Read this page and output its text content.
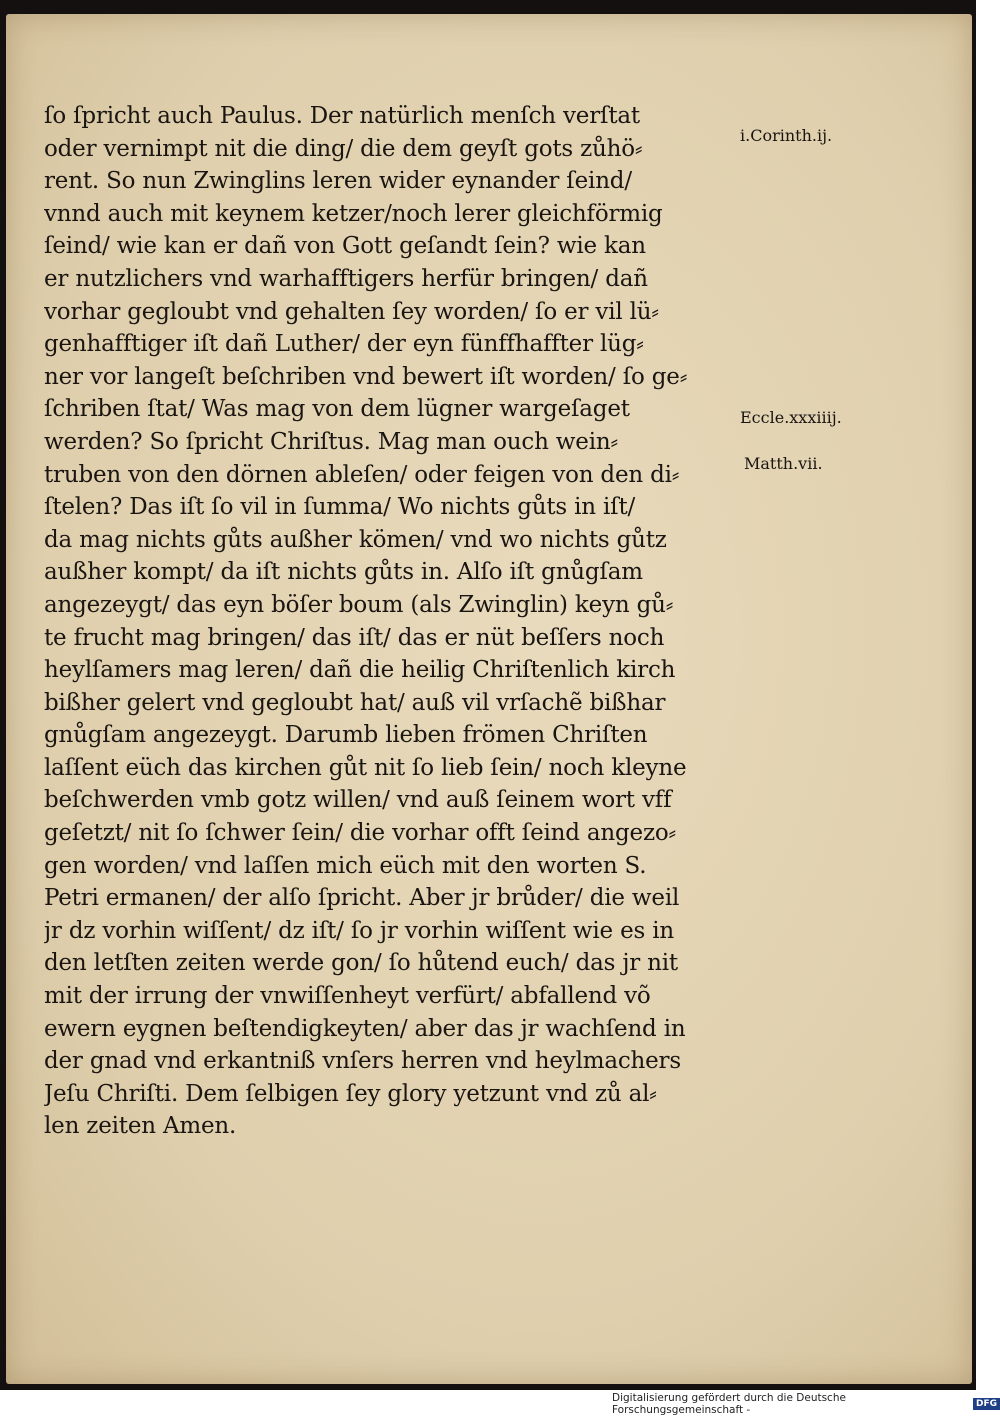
ſo ſpricht auch Paulus. Der natürlich menſch verſtat
oder vernimpt nit die ding/ die dem geyſt gots zůhö⸗
rent. So nun Zwinglins leren wider eynander ſeind/
vnnd auch mit keynem ketzer/noch lerer gleichförmig
ſeind/ wie kan er dañ von Gott geſandt ſein? wie kan
er nutzlichers vnd warhafftigers herfür bringen/ dañ
vorhar gegloubt vnd gehalten ſey worden/ ſo er vil lü⸗
genhafftiger iſt dañ Luther/ der eyn fünffhaffter lüg⸗
ner vor langeſt beſchriben vnd bewert iſt worden/ ſo ge⸗
ſchriben ſtat/ Was mag von dem lügner wargeſaget
werden? So ſpricht Chriſtus. Mag man ouch wein⸗
truben von den dörnen ableſen/ oder feigen von den di⸗
ſtelen? Das iſt ſo vil in ſumma/ Wo nichts gůts in iſt/
da mag nichts gůts außher kömen/ vnd wo nichts gůtz
außher kompt/ da iſt nichts gůts in. Alſo iſt gnůgſam
angezeygt/ das eyn böſer boum (als Zwinglin) keyn gů⸗
te frucht mag bringen/ das iſt/ das er nüt beſſers noch
heylſamers mag leren/ dañ die heilig Chriſtenlich kirch
bißher gelert vnd gegloubt hat/ auß vil vrſachẽ bißhar
gnůgſam angezeygt. Darumb lieben frömen Chriſten
laſſent eüch das kirchen gůt nit ſo lieb ſein/ noch kleyne
beſchwerden vmb gotz willen/ vnd auß ſeinem wort vff
geſetzt/ nit ſo ſchwer ſein/ die vorhar offt ſeind angezo⸗
gen worden/ vnd laſſen mich eüch mit den worten S.
Petri ermanen/ der alſo ſpricht. Aber jr brůder/ die weil
jr dz vorhin wiſſent/ dz iſt/ ſo jr vorhin wiſſent wie es in
den letſten zeiten werde gon/ ſo hůtend euch/ das jr nit
mit der irrung der vnwiſſenheyt verfürt/ abfallend võ
ewern eygnen beſtendigkeyten/ aber das jr wachſend in
der gnad vnd erkantniß vnſers herren vnd heylmachers
Jeſu Chriſti. Dem ſelbigen ſey glory yetzunt vnd zů al⸗
len zeiten Amen.
i.Corinth.ij.
Eccle.xxxiiij.
Matth.vii.
Digitalisierung gefördert durch die Deutsche Forschungsgemeinschaft -	DFG
